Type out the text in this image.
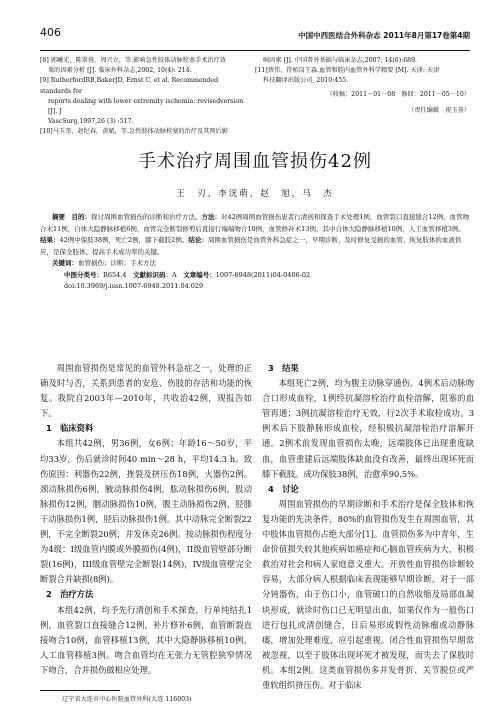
406	中国中西医结合外科杂志 2011年8月第17卷第4期

[8] 郭曦光，陈翠蓉，周兴立，等.影响急性肢体动脉栓塞手术治疗效

果的因素分析 [J]. 临床外科杂志,2002, 10(4): 214.

[9] RutherfordRB,BakerJD, Ernst C, et al. Recommended standards for

reports dealing with lower extremity ischemia: revisedversion [J]. J

VascSurg,1997,26 (3) :517.

[10]马玉奎，赵纪春，黄斌，等.急性肢体动脉栓塞的治疗及其预后影

响因素 [J]. 中国普外基础与临床杂志,2007, 14(6):689.

[11]蔡伟，符栢岗王淼.血管和腔内血管外科学精要 [M]. 天津: 天津

科技翻译出版公司, 2010:455.

（收稿：2011－01－08　修回：2011－05－10）

（责任编辑　祝玉荟）

手术治疗周围血管损伤42例
王　刃，李洸萌，赵　旭，马　杰

摘要　 目的：探讨周围血管损伤的诊断和治疗方法。方法：对42例周围血管损伤患者行清创和探查手术处理1例，血管裂口直接缝合12例，血管吻合术11例，自体大隐静脉移植6例，血管完全断裂修剪后直接行端端吻合10例，血管修补术13例，其中自体大隐静脉移植10例，人工血管移植3例。结果：42例中保肢38例，死亡2例，膝下截肢2例。结论：周围血管损伤是血管外科急症之一，早期诊断、及时修复受损的血管，恢复肢体的血液供应，是保全肢体、提高手术成功率的关键。

关键词：血管损伤；诊断；手术方法

中图分类号：R654.4　 文献标识码：A　 文章编号：1007-6948(2011)04-0406-02

doi:10.3969/j.issn.1007-6948.2011.04.029

周围血管损伤是常见的血管外科急症之一，处理的正确及时与否，关系到患者的安危、伤肢的存活和功能的恢复。我院自2003年—2010年，共收治42例，现报告如下。

1　临床资料

本组共42例，男36例，女6例；年龄16～50岁，平均33岁。伤后就诊时间40 min～28 h，平均14.3 h。致伤原因：利器伤22例，挫裂及挤压伤18例，火器伤2例。颈动脉损伤6例，腋动脉损伤4例，肱动脉损伤6例，股动脉损伤12例，胭动脉损伤10例，腹主动脉损伤2例，胫腓干动脉损伤1例，胫后动脉损伤1例。其中动脉完全断裂22例，不完全断裂20例，并发休克26例。按动脉损伤程度分为4级：I级血管内膜或外膜损伤(4例)，II级血管壁部分断裂(16例)，III级血管壁完全断裂(14例)，IV级血管壁完全断裂合并缺损(8例)。

2　治疗方法

本组42例，均予先行清创和手术探查，行单纯结扎1例，血管裂口直接缝合12例，补片修补6例，血管断裂直接吻合10例，血管移植13例，其中大隐静脉移植10例，人工血管移植3例。吻合血管均在无张力无管腔狭窄情况下吻合，合并损伤做相应处理。

3　结果

本组死亡2例，均为腹主动脉穿通伤。4例术后动脉吻合口形成血栓，1例经抗凝溶栓治疗血栓溶解，阻塞的血管再通；3例抗凝溶栓治疗无效，行2次手术取栓成功。3例术后下肢静脉形成血栓，经积极抗凝溶栓治疗溶解开通。2例术前发现血管损伤太晚，远端肢体已出现重度缺血，血管重建后远端肢体缺血没有改善，最终出现坏死而膝下截肢。成功保肢38例，治愈率90.5%。

4　讨论

周围血管损伤的早期诊断和手术治疗是保全肢体和恢复功能的先决条件，80%的血管损伤发生在周围血管，其中肢体血管损伤占绝大部分[1]。血管损伤多为中青年，生命价值损失较其他疾病如癌症和心脑血管疾病为大，积极救治对社会和病人家庭意义重大。开放性血管损伤诊断较容易，大部分病人根据临床表现能够早期诊断。对于一部分钝器伤，由于伤口小，血管破口的自然收缩及局部血凝块形成，就诊时伤口已无明显出血，如果仅作为一般伤口进行包扎或清创缝合，日后易形成假性动脉瘤或动静脉瘘，增加处理难度，应引起重视。闭合性血管损伤早期常被忽视，以至于肢体出现坏死才被发现，而失去了保肢时机。本组2例。这类血管损伤多并发骨折、关节脱位或严重软组织挤压伤。对于临床

辽宁省大连市中心医院血管外科(大连 116003)
